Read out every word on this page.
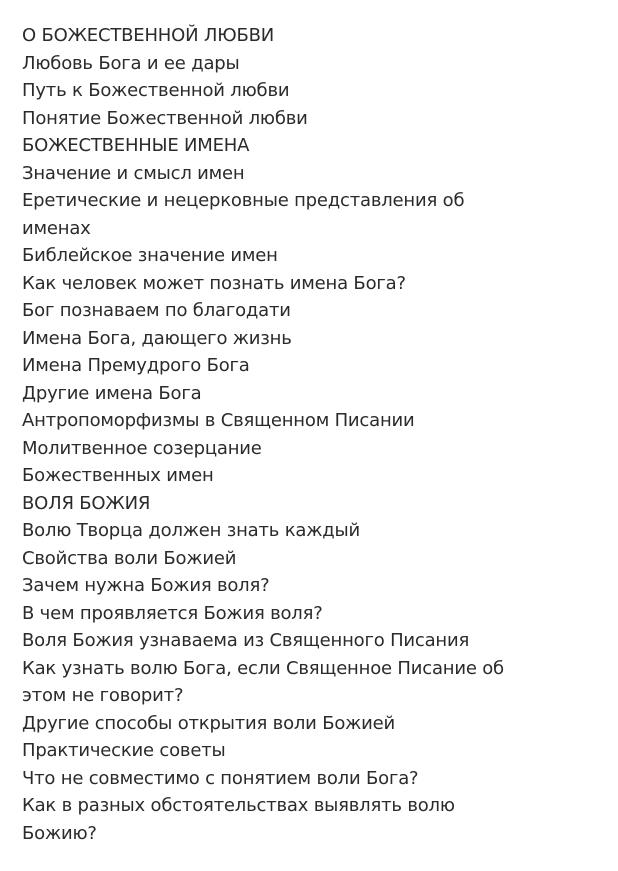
О БОЖЕСТВЕННОЙ ЛЮБВИ
Любовь Бога и ее дары
Путь к Божественной любви
Понятие Божественной любви
БОЖЕСТВЕННЫЕ ИМЕНА
Значение и смысл имен
Еретические и нецерковные представления об именах
Библейское значение имен
Как человек может познать имена Бога?
Бог познаваем по благодати
Имена Бога, дающего жизнь
Имена Премудрого Бога
Другие имена Бога
Антропоморфизмы в Священном Писании
Молитвенное созерцание
Божественных имен
ВОЛЯ БОЖИЯ
Волю Творца должен знать каждый
Свойства воли Божией
Зачем нужна Божия воля?
В чем проявляется Божия воля?
Воля Божия узнаваема из Священного Писания
Как узнать волю Бога, если Священное Писание об этом не говорит?
Другие способы открытия воли Божией
Практические советы
Что не совместимо с понятием воли Бога?
Как в разных обстоятельствах выявлять волю Божию?
